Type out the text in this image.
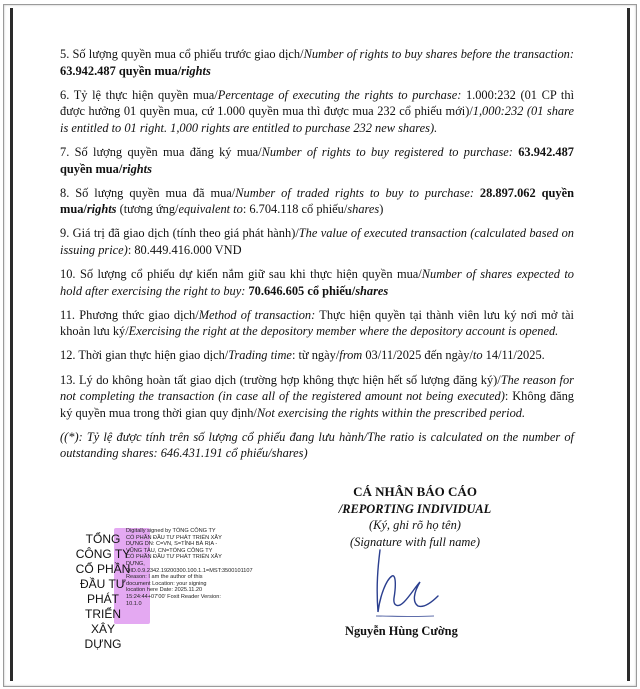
5. Số lượng quyền mua cổ phiếu trước giao dịch/Number of rights to buy shares before the transaction: 63.942.487 quyền mua/rights

6. Tỷ lệ thực hiện quyền mua/Percentage of executing the rights to purchase: 1.000:232 (01 CP thì được hưởng 01 quyền mua, cứ 1.000 quyền mua thì được mua 232 cổ phiếu mới)/1,000:232 (01 share is entitled to 01 right. 1,000 rights are entitled to purchase 232 new shares).

7. Số lượng quyền mua đăng ký mua/Number of rights to buy registered to purchase: 63.942.487 quyền mua/rights

8. Số lượng quyền mua đã mua/Number of traded rights to buy to purchase: 28.897.062 quyền mua/rights (tương ứng/equivalent to: 6.704.118 cổ phiếu/shares)

9. Giá trị đã giao dịch (tính theo giá phát hành)/The value of executed transaction (calculated based on issuing price): 80.449.416.000 VND

10. Số lượng cổ phiếu dự kiến nắm giữ sau khi thực hiện quyền mua/Number of shares expected to hold after exercising the right to buy: 70.646.605 cổ phiếu/shares

11. Phương thức giao dịch/Method of transaction: Thực hiện quyền tại thành viên lưu ký nơi mở tài khoản lưu ký/Exercising the right at the depository member where the depository account is opened.

12. Thời gian thực hiện giao dịch/Trading time: từ ngày/from 03/11/2025 đến ngày/to 14/11/2025.

13. Lý do không hoàn tất giao dịch (trường hợp không thực hiện hết số lượng đăng ký)/The reason for not completing the transaction (in case all of the registered amount not being executed): Không đăng ký quyền mua trong thời gian quy định/Not exercising the rights within the prescribed period.

((*): Tỷ lệ được tính trên số lượng cổ phiếu đang lưu hành/The ratio is calculated on the number of outstanding shares: 646.431.191 cổ phiếu/shares)

CÁ NHÂN BÁO CÁO
/REPORTING INDIVIDUAL
(Ký, ghi rõ họ tên)
(Signature with full name)
Nguyễn Hùng Cường
TỔNG CÔNG TY CỔ PHẦN ĐẦU TƯ PHÁT TRIỂN XÂY DỰNG
Digitally signed by TỔNG CÔNG TY CỔ PHẦN ĐẦU TƯ PHÁT TRIỂN XÂY DỰNG DN: C=VN, S=TỈNH BÀ RỊA - VŨNG TÀU, CN=TỔNG CÔNG TY CỔ PHẦN ĐẦU TƯ PHÁT TRIỂN XÂY DỰNG, OID.0.9.2342.19200300.100.1.1=MST:3500101107 Reason: I am the author of this document Location: your signing location here Date: 2025.11.20 15:24:44+07'00' Foxit Reader Version: 10.1.0
